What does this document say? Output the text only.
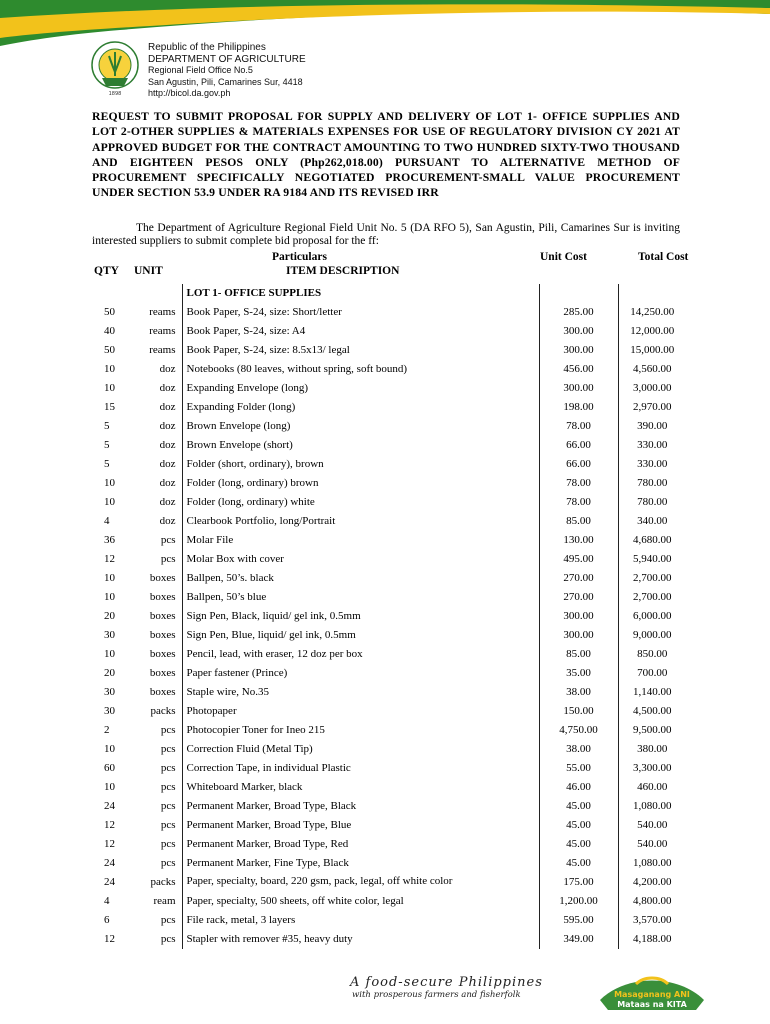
1898
Republic of the Philippines
DEPARTMENT OF AGRICULTURE
Regional Field Office No.5
San Agustin, Pili, Camarines Sur, 4418
http://bicol.da.gov.ph
REQUEST TO SUBMIT PROPOSAL FOR SUPPLY AND DELIVERY OF LOT 1- OFFICE SUPPLIES AND LOT 2-OTHER SUPPLIES & MATERIALS EXPENSES FOR USE OF REGULATORY DIVISION CY 2021 AT APPROVED BUDGET FOR THE CONTRACT AMOUNTING TO TWO HUNDRED SIXTY-TWO THOUSAND AND EIGHTEEN PESOS ONLY (Php262,018.00) PURSUANT TO ALTERNATIVE METHOD OF PROCUREMENT SPECIFICALLY NEGOTIATED PROCUREMENT-SMALL VALUE PROCUREMENT UNDER SECTION 53.9 UNDER RA 9184 AND ITS REVISED IRR

The Department of Agriculture Regional Field Unit No. 5 (DA RFO 5), San Agustin, Pili, Camarines Sur is inviting interested suppliers to submit complete bid proposal for the ff:

Particulars	Unit Cost	Total Cost
QTY UNIT	ITEM DESCRIPTION
		LOT 1- OFFICE SUPPLIES		
50	reams	Book Paper, S-24, size: Short/letter	285.00	14,250.00
40	reams	Book Paper, S-24, size: A4	300.00	12,000.00
50	reams	Book Paper, S-24, size: 8.5x13/ legal	300.00	15,000.00
10	doz	Notebooks (80 leaves, without spring, soft bound)	456.00	4,560.00
10	doz	Expanding Envelope (long)	300.00	3,000.00
15	doz	Expanding Folder (long)	198.00	2,970.00
5	doz	Brown Envelope (long)	78.00	390.00
5	doz	Brown Envelope (short)	66.00	330.00
5	doz	Folder (short, ordinary), brown	66.00	330.00
10	doz	Folder (long, ordinary) brown	78.00	780.00
10	doz	Folder (long, ordinary) white	78.00	780.00
4	doz	Clearbook Portfolio, long/Portrait	85.00	340.00
36	pcs	Molar File	130.00	4,680.00
12	pcs	Molar Box with cover	495.00	5,940.00
10	boxes	Ballpen, 50’s. black	270.00	2,700.00
10	boxes	Ballpen, 50’s blue	270.00	2,700.00
20	boxes	Sign Pen, Black, liquid/ gel ink, 0.5mm	300.00	6,000.00
30	boxes	Sign Pen, Blue, liquid/ gel ink, 0.5mm	300.00	9,000.00
10	boxes	Pencil, lead, with eraser, 12 doz per box	85.00	850.00
20	boxes	Paper fastener (Prince)	35.00	700.00
30	boxes	Staple wire, No.35	38.00	1,140.00
30	packs	Photopaper	150.00	4,500.00
2	pcs	Photocopier Toner for Ineo 215	4,750.00	9,500.00
10	pcs	Correction Fluid (Metal Tip)	38.00	380.00
60	pcs	Correction Tape, in individual Plastic	55.00	3,300.00
10	pcs	Whiteboard Marker, black	46.00	460.00
24	pcs	Permanent Marker, Broad Type, Black	45.00	1,080.00
12	pcs	Permanent Marker, Broad Type, Blue	45.00	540.00
12	pcs	Permanent Marker, Broad Type, Red	45.00	540.00
24	pcs	Permanent Marker, Fine Type, Black	45.00	1,080.00
24	packs	Paper, specialty, board, 220 gsm, pack, legal, off white color	175.00	4,200.00
4	ream	Paper, specialty, 500 sheets, off white color, legal	1,200.00	4,800.00
6	pcs	File rack, metal, 3 layers	595.00	3,570.00
12	pcs	Stapler with remover #35, heavy duty	349.00	4,188.00
A food-secure Philippines
with prosperous farmers and fisherfolk	Masaganang ANI
Mataas na KITA
